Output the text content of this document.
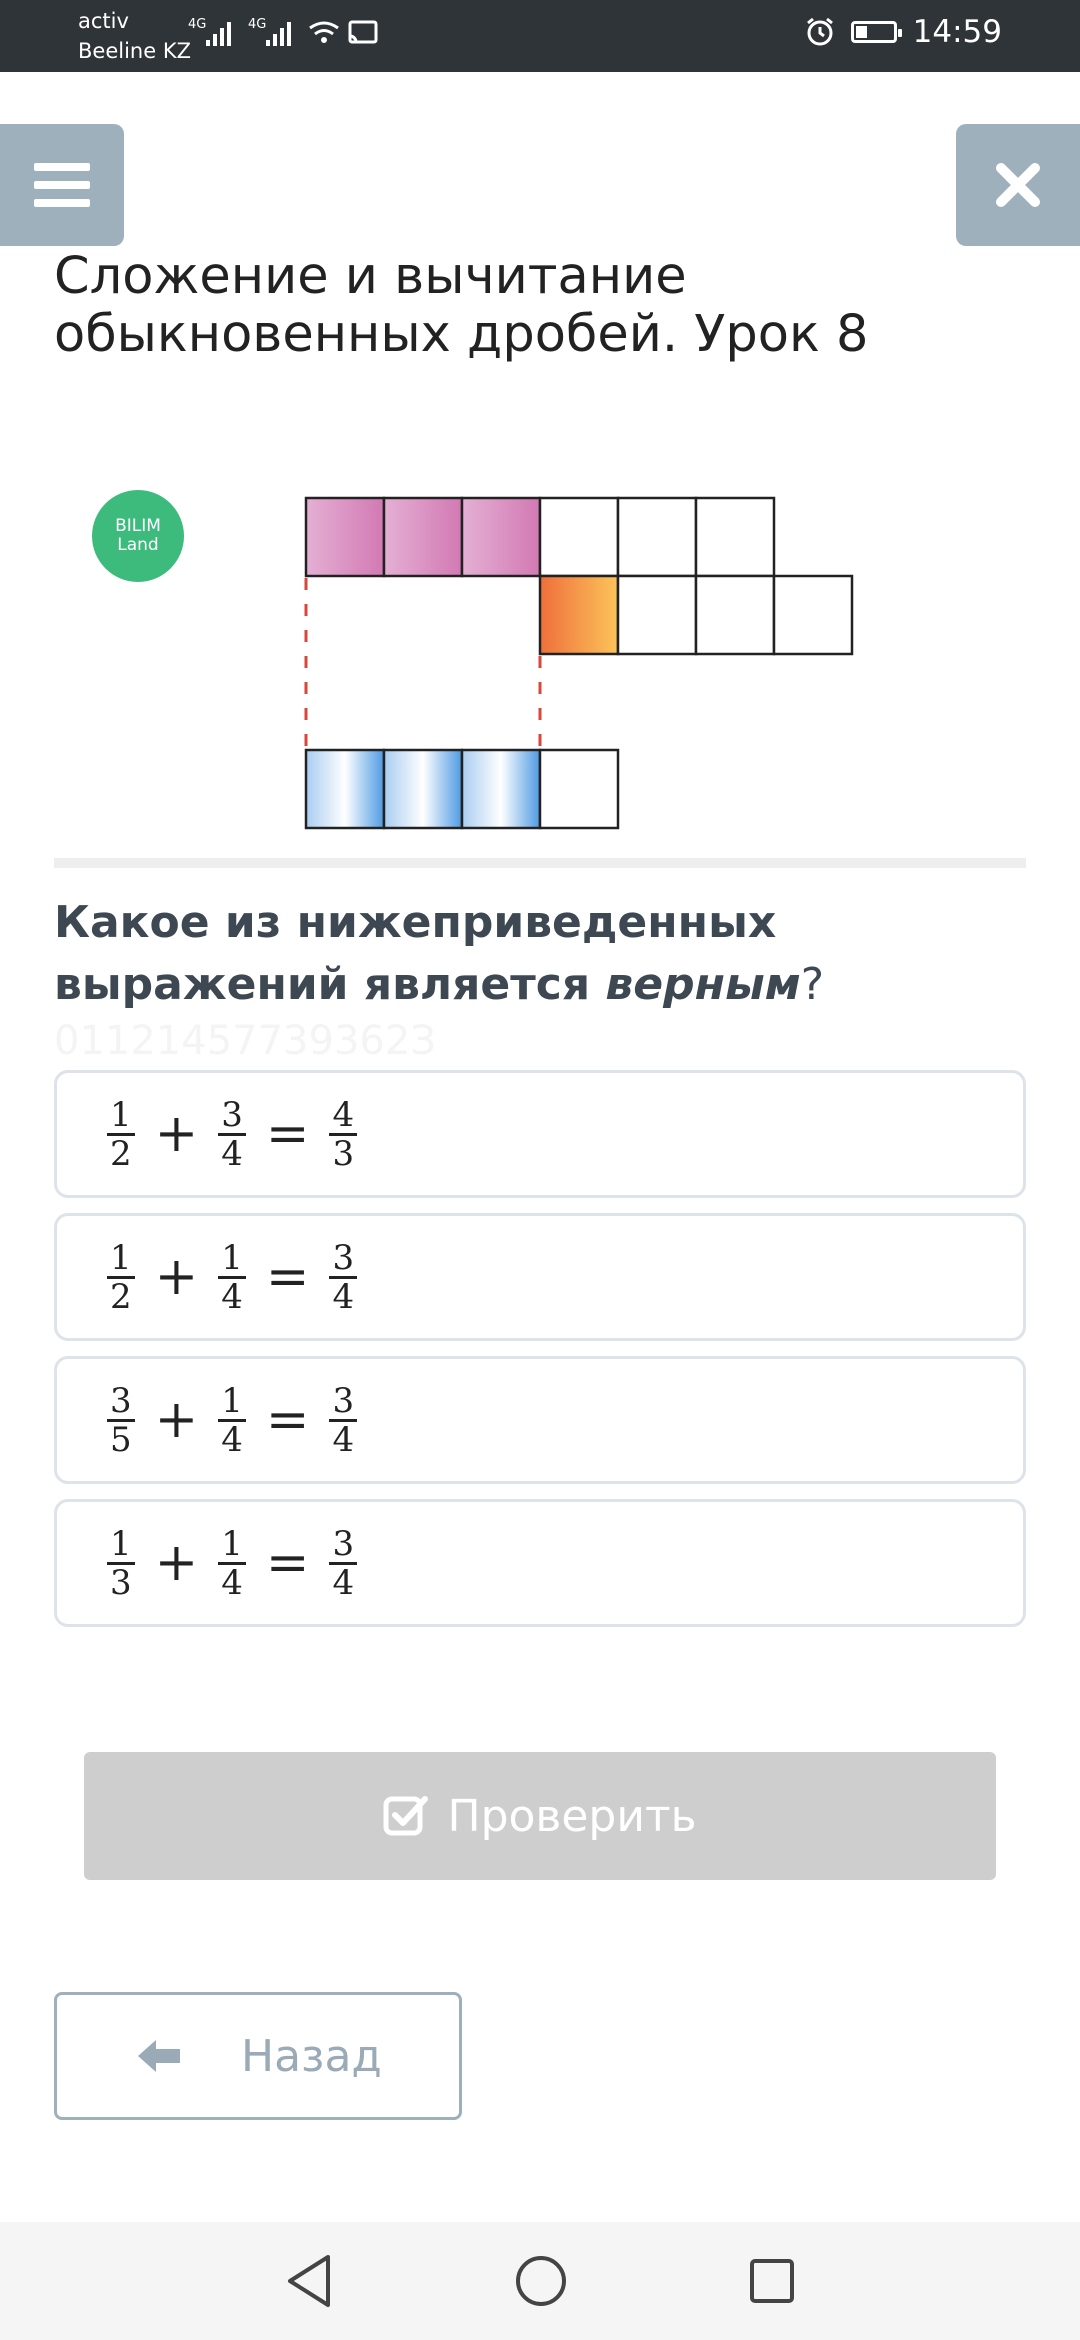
activ
Beeline KZ
4G	4G	14:59
Сложение и вычитание обыкновенных дробей. Урок 8
BILIM
Land
Какое из нижеприведенных выражений является верным?
01121457739362З
$\frac{1}{2} + \frac{3}{4} = \frac{4}{3}$
$\frac{1}{2} + \frac{1}{4} = \frac{3}{4}$
$\frac{3}{5} + \frac{1}{4} = \frac{3}{4}$
$\frac{1}{3} + \frac{1}{4} = \frac{3}{4}$
Проверить
Назад
